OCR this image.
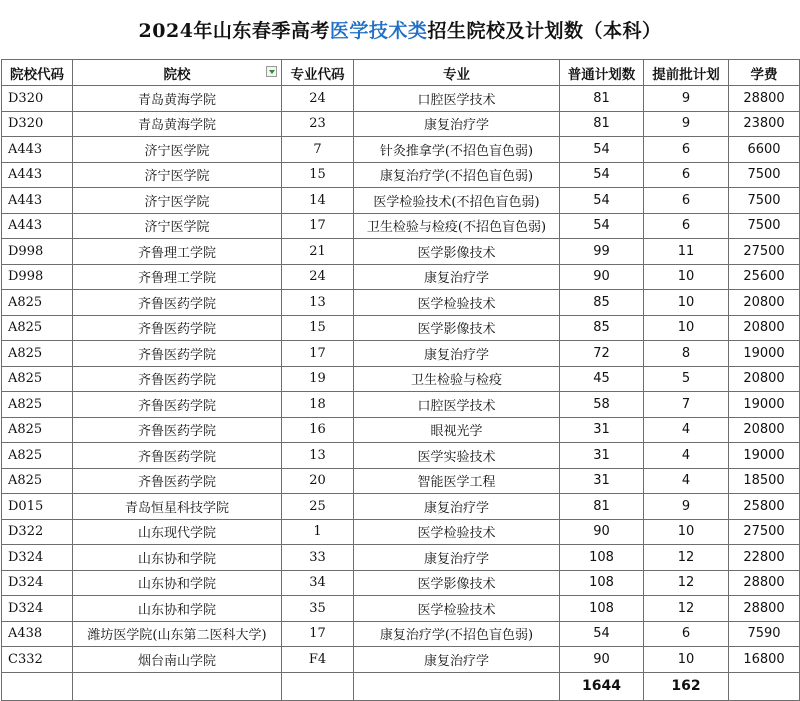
2024年山东春季高考医学技术类招生院校及计划数（本科）
院校代码	院校	专业代码	专业	普通计划数	提前批计划	学费
D320	青岛黄海学院	24	口腔医学技术	81	9	28800
D320	青岛黄海学院	23	康复治疗学	81	9	23800
A443	济宁医学院	7	针灸推拿学(不招色盲色弱)	54	6	6600
A443	济宁医学院	15	康复治疗学(不招色盲色弱)	54	6	7500
A443	济宁医学院	14	医学检验技术(不招色盲色弱)	54	6	7500
A443	济宁医学院	17	卫生检验与检疫(不招色盲色弱)	54	6	7500
D998	齐鲁理工学院	21	医学影像技术	99	11	27500
D998	齐鲁理工学院	24	康复治疗学	90	10	25600
A825	齐鲁医药学院	13	医学检验技术	85	10	20800
A825	齐鲁医药学院	15	医学影像技术	85	10	20800
A825	齐鲁医药学院	17	康复治疗学	72	8	19000
A825	齐鲁医药学院	19	卫生检验与检疫	45	5	20800
A825	齐鲁医药学院	18	口腔医学技术	58	7	19000
A825	齐鲁医药学院	16	眼视光学	31	4	20800
A825	齐鲁医药学院	13	医学实验技术	31	4	19000
A825	齐鲁医药学院	20	智能医学工程	31	4	18500
D015	青岛恒星科技学院	25	康复治疗学	81	9	25800
D322	山东现代学院	1	医学检验技术	90	10	27500
D324	山东协和学院	33	康复治疗学	108	12	22800
D324	山东协和学院	34	医学影像技术	108	12	28800
D324	山东协和学院	35	医学检验技术	108	12	28800
A438	潍坊医学院(山东第二医科大学)	17	康复治疗学(不招色盲色弱)	54	6	7590
C332	烟台南山学院	F4	康复治疗学	90	10	16800
				1644	162	
